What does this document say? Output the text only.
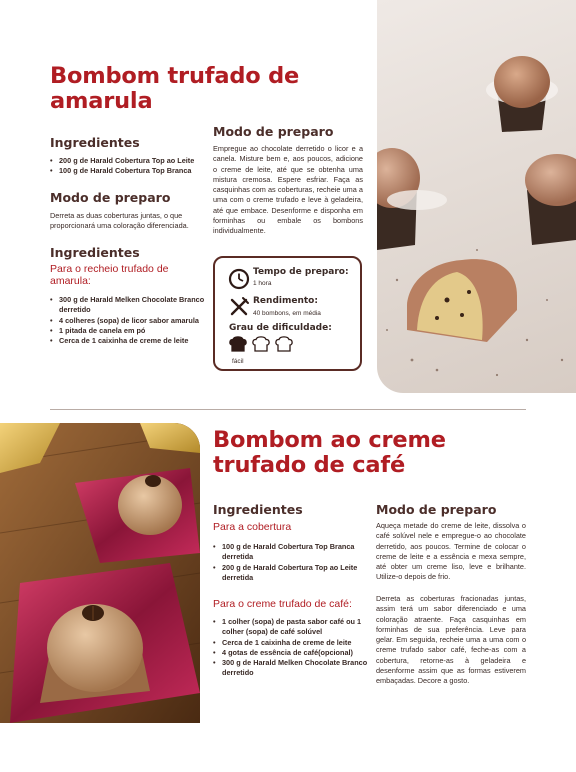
Bombom trufado de
amarula
Ingredientes
• 200 g de Harald Cobertura Top ao Leite
• 100 g de Harald Cobertura Top Branca
Modo de preparo
Derreta as duas coberturas juntas, o que proporcionará uma coloração diferenciada.
Ingredientes
Para o recheio trufado de amarula:
• 300 g de Harald Melken Chocolate Branco derretido
• 4 colheres (sopa) de licor sabor amarula
• 1 pitada de canela em pó
• Cerca de 1 caixinha de creme de leite
Modo de preparo
Empregue ao chocolate derretido o licor e a canela. Misture bem e, aos poucos, adicione o creme de leite, até que se obtenha uma mistura cremosa. Espere esfriar. Faça as casquinhas com as coberturas, recheie uma a uma com o creme trufado e leve à geladeira, até que embace. Desenforme e disponha em forminhas ou embale os bombons individualmente.
Tempo de preparo:
1 hora
Rendimento:
40 bombons, em média
Grau de dificuldade:
fácil
Bombom ao creme
trufado de café
Ingredientes
Para a cobertura
• 100 g de Harald Cobertura Top Branca derretida
• 200 g de Harald Cobertura Top ao Leite derretida
Para o creme trufado de café:
• 1 colher (sopa) de pasta sabor café ou 1 colher (sopa) de café solúvel
• Cerca de 1 caixinha de creme de leite
• 4 gotas de essência de café(opcional)
• 300 g de Harald Melken Chocolate Branco derretido
Modo de preparo
Aqueça metade do creme de leite, dissolva o café solúvel nele e empregue-o ao chocolate derretido, aos poucos. Termine de colocar o creme de leite e a essência e mexa sempre, até obter um creme liso, leve e brilhante. Utilize-o depois de frio.
Derreta as coberturas fracionadas juntas, assim terá um sabor diferenciado e uma coloração atraente. Faça casquinhas em forminhas de sua preferência. Leve para gelar. Em seguida, recheie uma a uma com o creme trufado sabor café, feche-as com a cobertura, retorne-as à geladeira e desenforme assim que as formas estiverem embaçadas. Decore a gosto.
